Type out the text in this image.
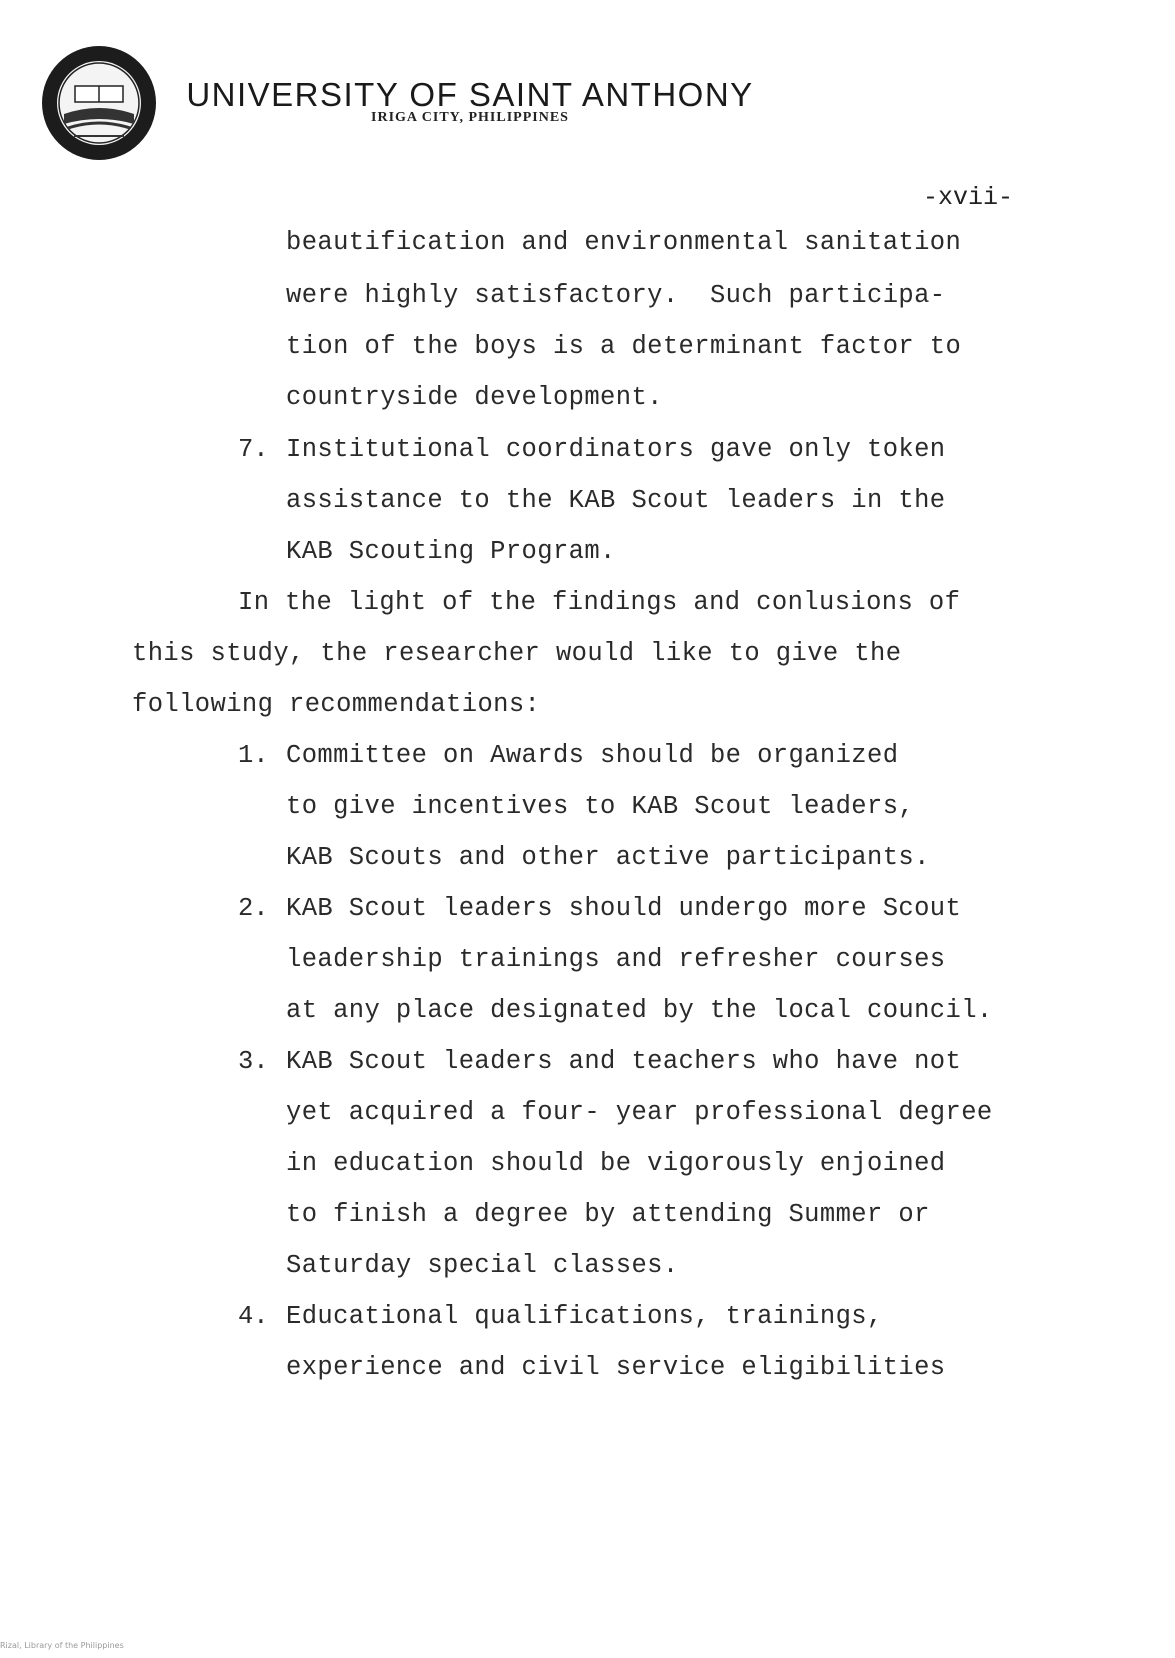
UNIVERSITY OF SAINT ANTHONY
IRIGA CITY, PHILIPPINES
-xvii-
beautification and environmental sanitation
were highly satisfactory.  Such participa-
tion of the boys is a determinant factor to
countryside development.
7. Institutional coordinators gave only token
assistance to the KAB Scout leaders in the
KAB Scouting Program.
In the light of the findings and conlusions of
this study, the researcher would like to give the
following recommendations:
1. Committee on Awards should be organized
to give incentives to KAB Scout leaders,
KAB Scouts and other active participants.
2. KAB Scout leaders should undergo more Scout
leadership trainings and refresher courses
at any place designated by the local council.
3. KAB Scout leaders and teachers who have not
yet acquired a four- year professional degree
in education should be vigorously enjoined
to finish a degree by attending Summer or
Saturday special classes.
4. Educational qualifications, trainings,
experience and civil service eligibilities
Rizal, Library of the Philippines
